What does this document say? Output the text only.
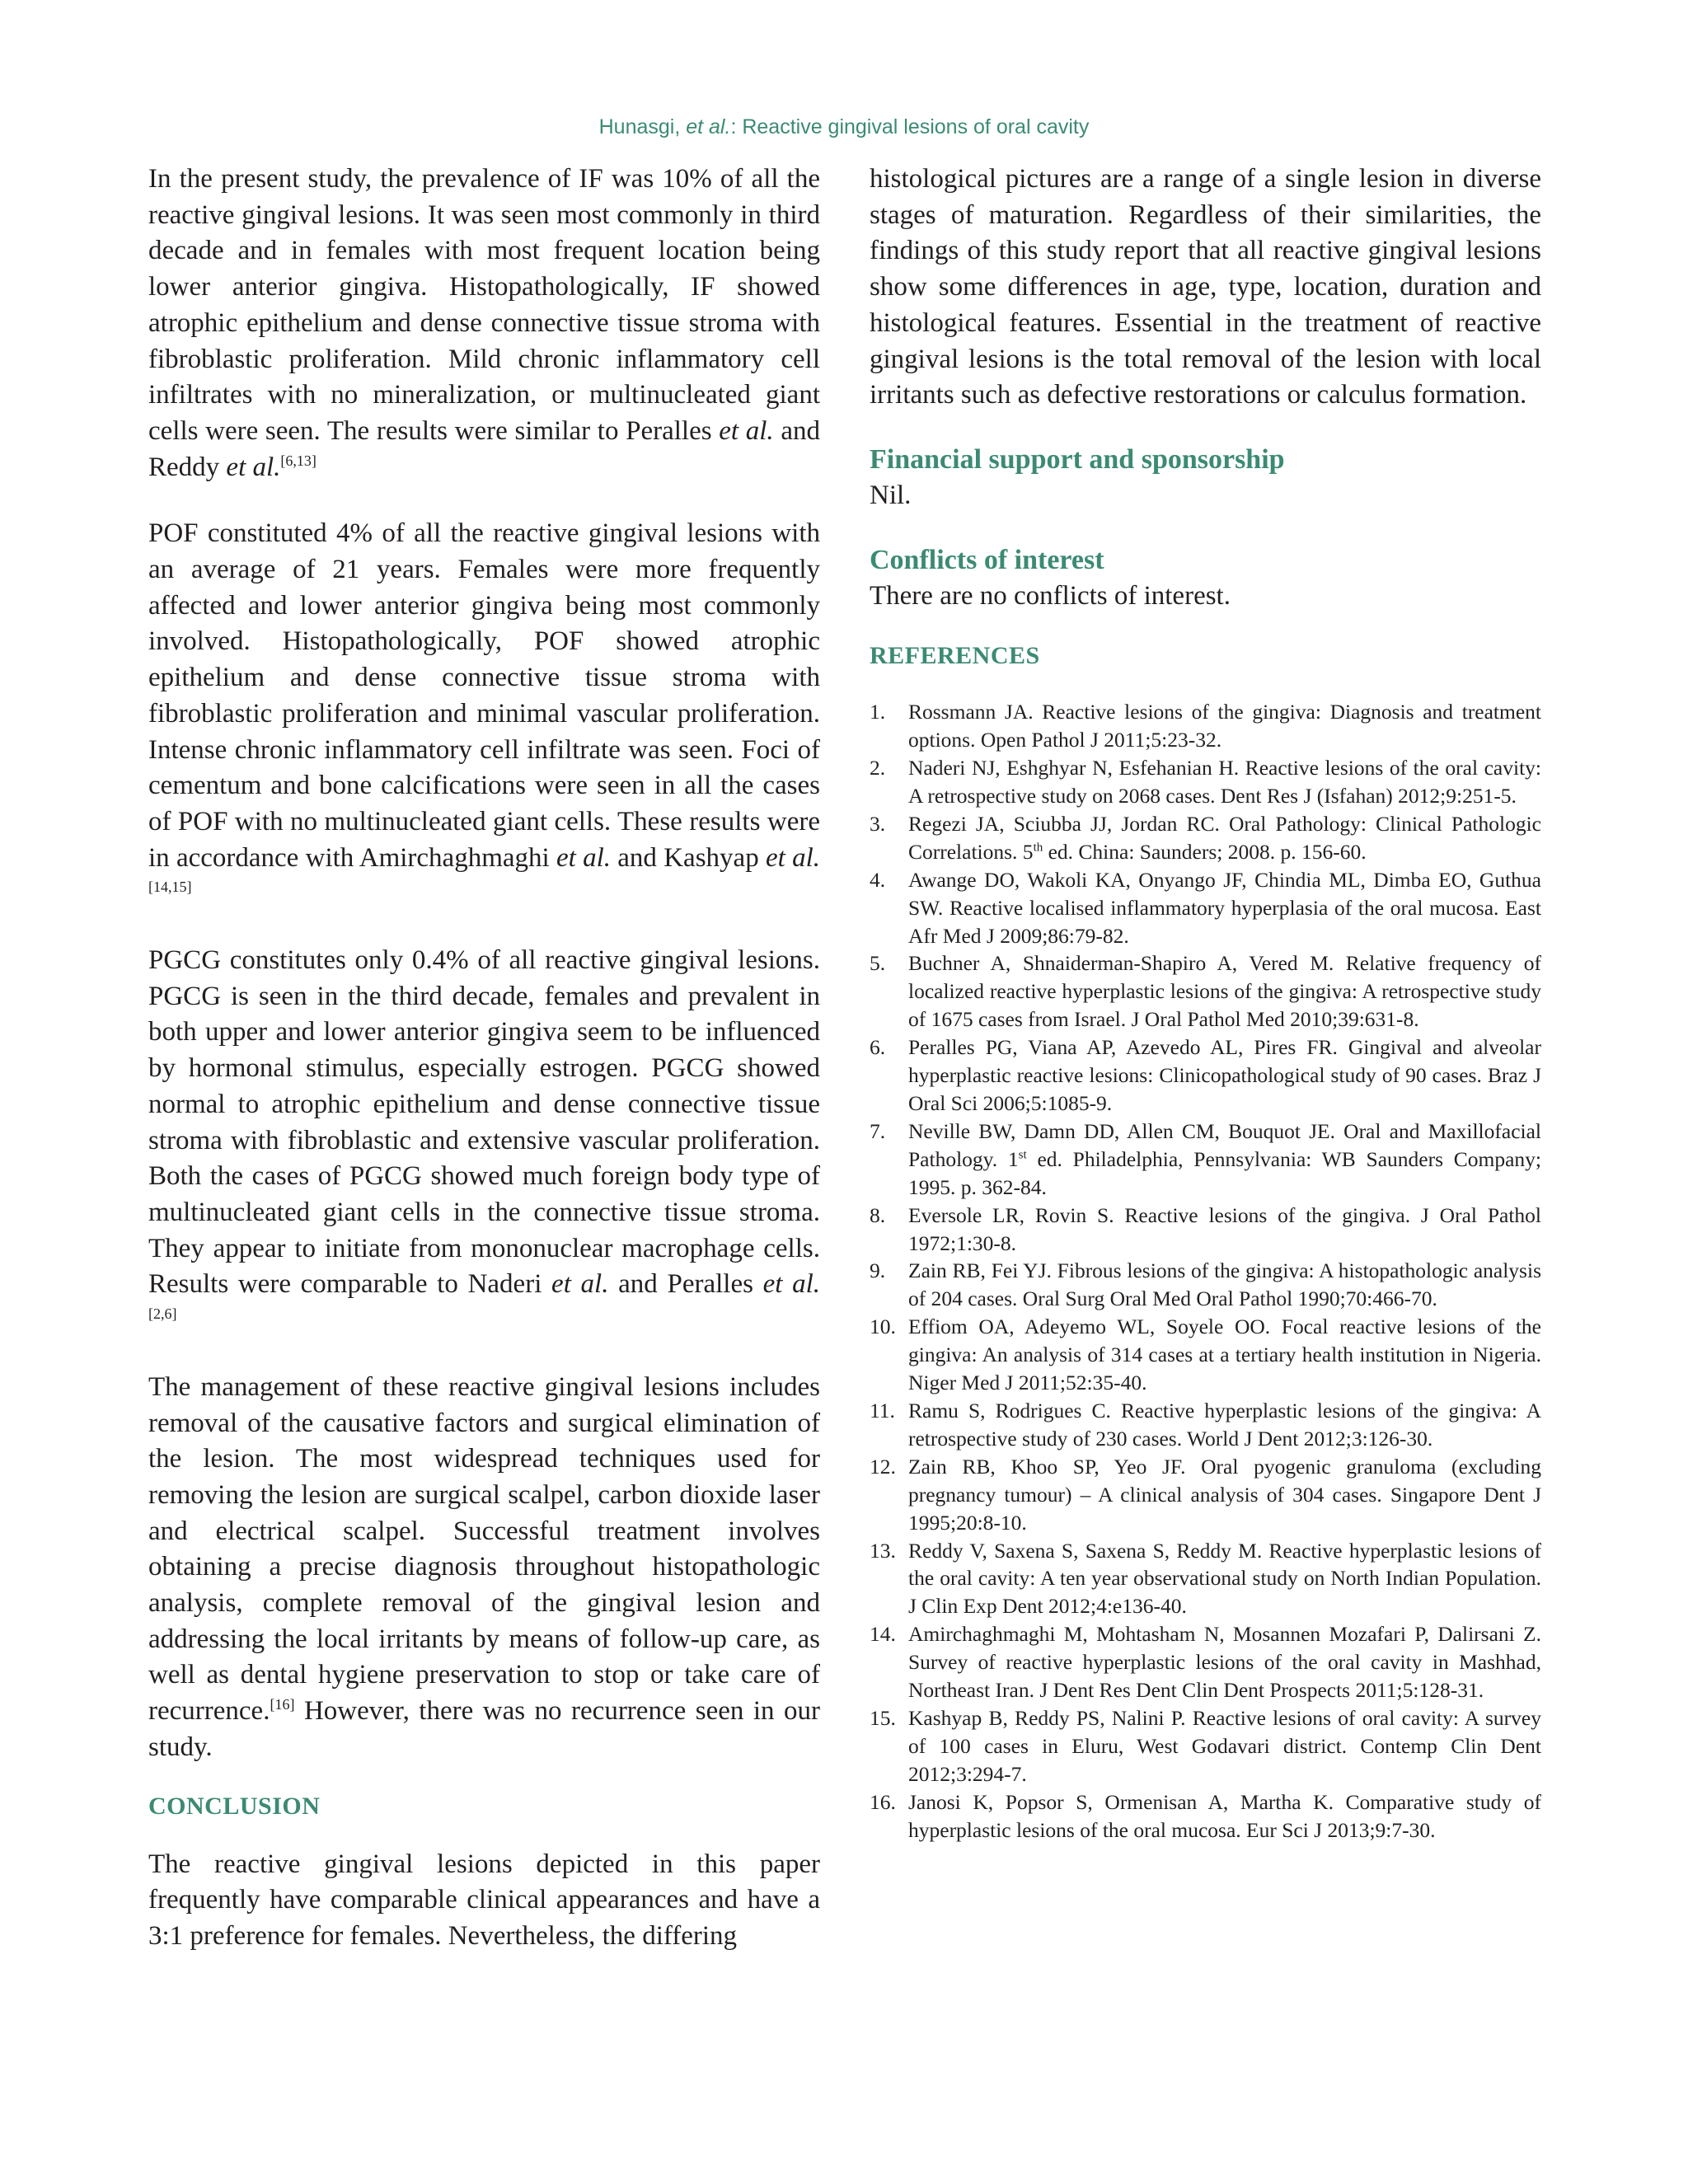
Hunasgi, et al.: Reactive gingival lesions of oral cavity

In the present study, the prevalence of IF was 10% of all the reactive gingival lesions. It was seen most commonly in third decade and in females with most frequent location being lower anterior gingiva. Histopathologically, IF showed atrophic epithelium and dense connective tissue stroma with fibroblastic proliferation. Mild chronic inflammatory cell infiltrates with no mineralization, or multinucleated giant cells were seen. The results were similar to Peralles et al. and Reddy et al.[6,13]

POF constituted 4% of all the reactive gingival lesions with an average of 21 years. Females were more frequently affected and lower anterior gingiva being most commonly involved. Histopathologically, POF showed atrophic epithelium and dense connective tissue stroma with fibroblastic proliferation and minimal vascular proliferation. Intense chronic inflammatory cell infiltrate was seen. Foci of cementum and bone calcifications were seen in all the cases of POF with no multinucleated giant cells. These results were in accordance with Amirchaghmaghi et al. and Kashyap et al.[14,15]

PGCG constitutes only 0.4% of all reactive gingival lesions. PGCG is seen in the third decade, females and prevalent in both upper and lower anterior gingiva seem to be influenced by hormonal stimulus, especially estrogen. PGCG showed normal to atrophic epithelium and dense connective tissue stroma with fibroblastic and extensive vascular proliferation. Both the cases of PGCG showed much foreign body type of multinucleated giant cells in the connective tissue stroma. They appear to initiate from mononuclear macrophage cells. Results were comparable to Naderi et al. and Peralles et al.[2,6]

The management of these reactive gingival lesions includes removal of the causative factors and surgical elimination of the lesion. The most widespread techniques used for removing the lesion are surgical scalpel, carbon dioxide laser and electrical scalpel. Successful treatment involves obtaining a precise diagnosis throughout histopathologic analysis, complete removal of the gingival lesion and addressing the local irritants by means of follow-up care, as well as dental hygiene preservation to stop or take care of recurrence.[16] However, there was no recurrence seen in our study.

CONCLUSION

The reactive gingival lesions depicted in this paper frequently have comparable clinical appearances and have a 3:1 preference for females. Nevertheless, the differing

histological pictures are a range of a single lesion in diverse stages of maturation. Regardless of their similarities, the findings of this study report that all reactive gingival lesions show some differences in age, type, location, duration and histological features. Essential in the treatment of reactive gingival lesions is the total removal of the lesion with local irritants such as defective restorations or calculus formation.

Financial support and sponsorship

Nil.

Conflicts of interest

There are no conflicts of interest.

REFERENCES
1. Rossmann JA. Reactive lesions of the gingiva: Diagnosis and treatment options. Open Pathol J 2011;5:23-32.
2. Naderi NJ, Eshghyar N, Esfehanian H. Reactive lesions of the oral cavity: A retrospective study on 2068 cases. Dent Res J (Isfahan) 2012;9:251-5.
3. Regezi JA, Sciubba JJ, Jordan RC. Oral Pathology: Clinical Pathologic Correlations. 5th ed. China: Saunders; 2008. p. 156-60.
4. Awange DO, Wakoli KA, Onyango JF, Chindia ML, Dimba EO, Guthua SW. Reactive localised inflammatory hyperplasia of the oral mucosa. East Afr Med J 2009;86:79-82.
5. Buchner A, Shnaiderman-Shapiro A, Vered M. Relative frequency of localized reactive hyperplastic lesions of the gingiva: A retrospective study of 1675 cases from Israel. J Oral Pathol Med 2010;39:631-8.
6. Peralles PG, Viana AP, Azevedo AL, Pires FR. Gingival and alveolar hyperplastic reactive lesions: Clinicopathological study of 90 cases. Braz J Oral Sci 2006;5:1085-9.
7. Neville BW, Damn DD, Allen CM, Bouquot JE. Oral and Maxillofacial Pathology. 1st ed. Philadelphia, Pennsylvania: WB Saunders Company; 1995. p. 362-84.
8. Eversole LR, Rovin S. Reactive lesions of the gingiva. J Oral Pathol 1972;1:30-8.
9. Zain RB, Fei YJ. Fibrous lesions of the gingiva: A histopathologic analysis of 204 cases. Oral Surg Oral Med Oral Pathol 1990;70:466-70.
10. Effiom OA, Adeyemo WL, Soyele OO. Focal reactive lesions of the gingiva: An analysis of 314 cases at a tertiary health institution in Nigeria. Niger Med J 2011;52:35-40.
11. Ramu S, Rodrigues C. Reactive hyperplastic lesions of the gingiva: A retrospective study of 230 cases. World J Dent 2012;3:126-30.
12. Zain RB, Khoo SP, Yeo JF. Oral pyogenic granuloma (excluding pregnancy tumour) – A clinical analysis of 304 cases. Singapore Dent J 1995;20:8-10.
13. Reddy V, Saxena S, Saxena S, Reddy M. Reactive hyperplastic lesions of the oral cavity: A ten year observational study on North Indian Population. J Clin Exp Dent 2012;4:e136-40.
14. Amirchaghmaghi M, Mohtasham N, Mosannen Mozafari P, Dalirsani Z. Survey of reactive hyperplastic lesions of the oral cavity in Mashhad, Northeast Iran. J Dent Res Dent Clin Dent Prospects 2011;5:128-31.
15. Kashyap B, Reddy PS, Nalini P. Reactive lesions of oral cavity: A survey of 100 cases in Eluru, West Godavari district. Contemp Clin Dent 2012;3:294-7.
16. Janosi K, Popsor S, Ormenisan A, Martha K. Comparative study of hyperplastic lesions of the oral mucosa. Eur Sci J 2013;9:7-30.
